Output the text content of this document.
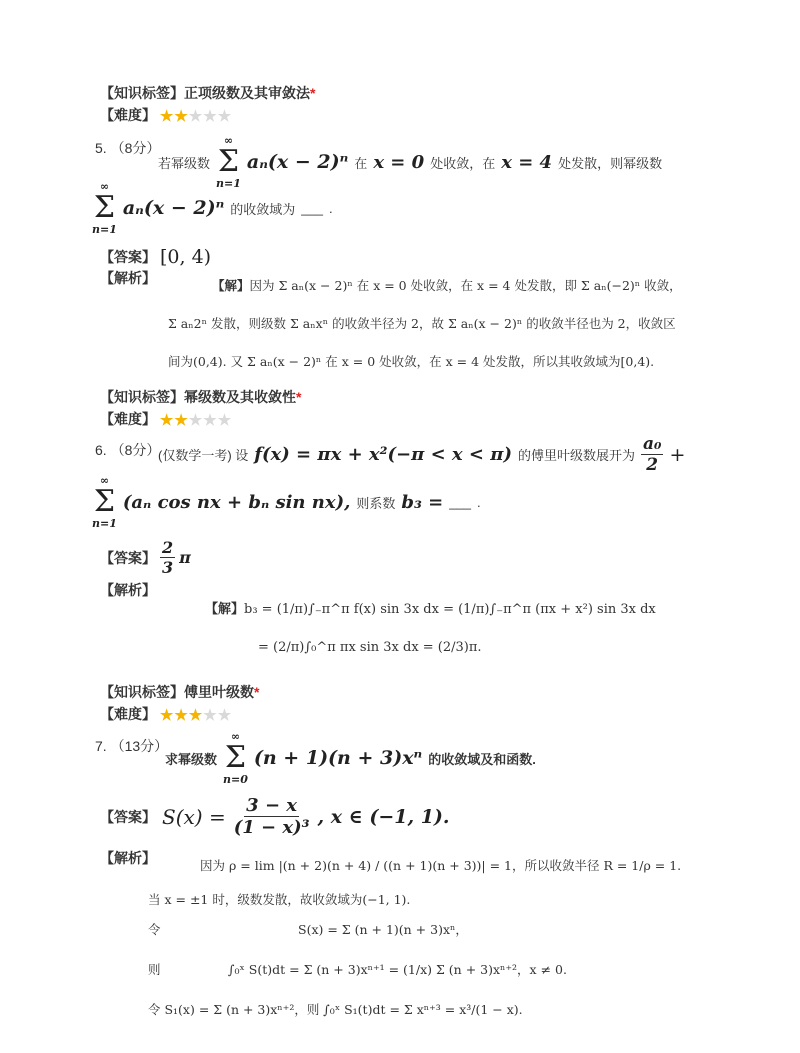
【知识标签】正项级数及其审敛法*
【难度】 ★★★★★
5. （8分）
若幂级数
∞
Σ
n=1
aₙ(x − 2)ⁿ 在 x = 0 处收敛，在 x = 4 处发散，则幂级数
∞
Σ
n=1
aₙ(x − 2)ⁿ 的收敛域为 ___ .
【答案】 [0, 4)
【解析】	【解】因为 Σ aₙ(x − 2)ⁿ 在 x = 0 处收敛，在 x = 4 处发散，即 Σ aₙ(−2)ⁿ 收敛，
Σ aₙ2ⁿ 发散，则级数 Σ aₙxⁿ 的收敛半径为 2，故 Σ aₙ(x − 2)ⁿ 的收敛半径也为 2，收敛区
间为(0,4). 又 Σ aₙ(x − 2)ⁿ 在 x = 0 处收敛，在 x = 4 处发散，所以其收敛域为[0,4).
【知识标签】幂级数及其收敛性*
【难度】 ★★★★★
6. （8分）
(仅数学一考) 设 f(x) = πx + x²(−π < x < π) 的傅里叶级数展开为 $\frac{\text{a₀}}{2}$ +
∞
Σ
n=1
(aₙ cos nx + bₙ sin nx), 则系数 b₃ = ___ .
【答案】 $\frac{2}{3}$ π
【解析】
【解】b₃ = (1/π)∫₋π^π f(x) sin 3x dx = (1/π)∫₋π^π (πx + x²) sin 3x dx
= (2/π)∫₀^π πx sin 3x dx = (2/3)π.
【知识标签】傅里叶级数*
【难度】 ★★★★★
7. （13分）
求幂级数
∞
Σ
n=0
(n + 1)(n + 3)xⁿ 的收敛域及和函数.
【答案】 $S(x) = \frac{3 - x}{\text{(1 − x)³}}$ , x ∈ (−1, 1).
【解析】	因为 ρ = lim |(n + 2)(n + 4) / ((n + 1)(n + 3))| = 1，所以收敛半径 R = 1/ρ = 1.
当 x = ±1 时，级数发散，故收敛域为(−1, 1).
令	S(x) = Σ (n + 1)(n + 3)xⁿ，
则	∫₀ˣ S(t)dt = Σ (n + 3)xⁿ⁺¹ = (1/x) Σ (n + 3)xⁿ⁺²，x ≠ 0.
令 S₁(x) = Σ (n + 3)xⁿ⁺²，则 ∫₀ˣ S₁(t)dt = Σ xⁿ⁺³ = x³/(1 − x).
